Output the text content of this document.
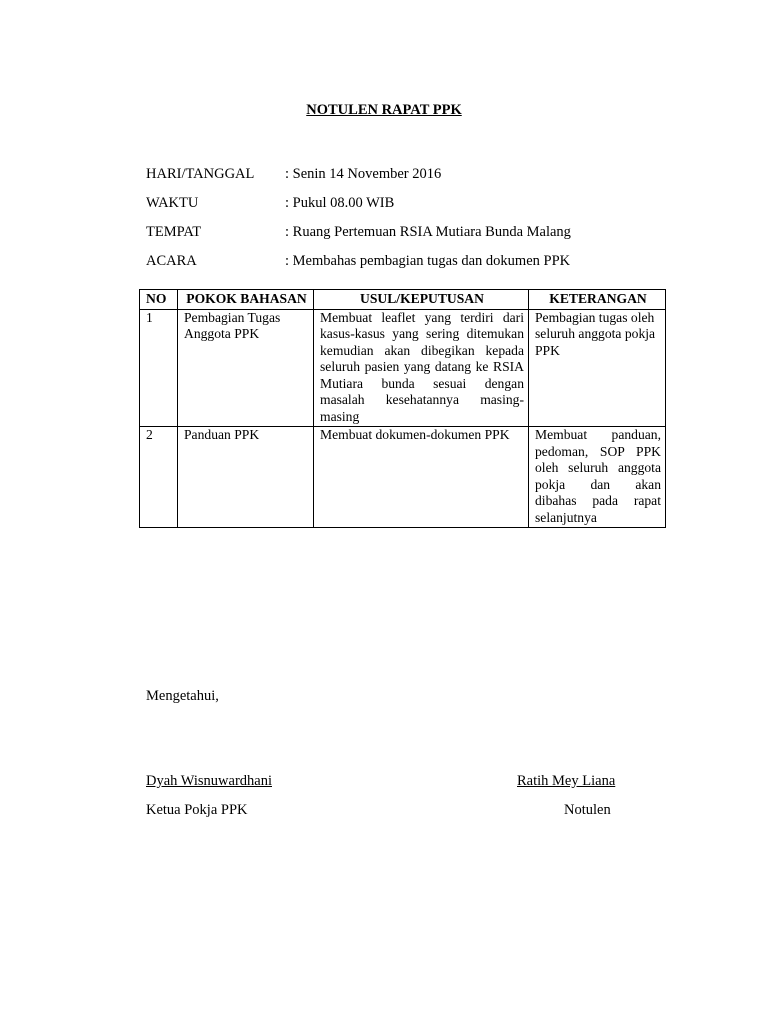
NOTULEN RAPAT PPK
HARI/TANGGAL : Senin 14 November 2016
WAKTU	: Pukul 08.00 WIB
TEMPAT	: Ruang Pertemuan RSIA Mutiara Bunda Malang
ACARA	: Membahas pembagian tugas dan dokumen PPK
NO	POKOK BAHASAN	USUL/KEPUTUSAN	KETERANGAN
1	Pembagian Tugas Anggota PPK	Membuat leaflet yang terdiri dari kasus-kasus yang sering ditemukan kemudian akan dibegikan kepada seluruh pasien yang datang ke RSIA Mutiara bunda sesuai dengan masalah kesehatannya masing-masing	Pembagian tugas oleh seluruh anggota pokja PPK
2	Panduan PPK	Membuat dokumen-dokumen PPK	Membuat panduan, pedoman, SOP PPK oleh seluruh anggota pokja dan akan dibahas pada rapat selanjutnya
Mengetahui,
Dyah Wisnuwardhani
Ketua Pokja PPK
Ratih Mey Liana
Notulen
